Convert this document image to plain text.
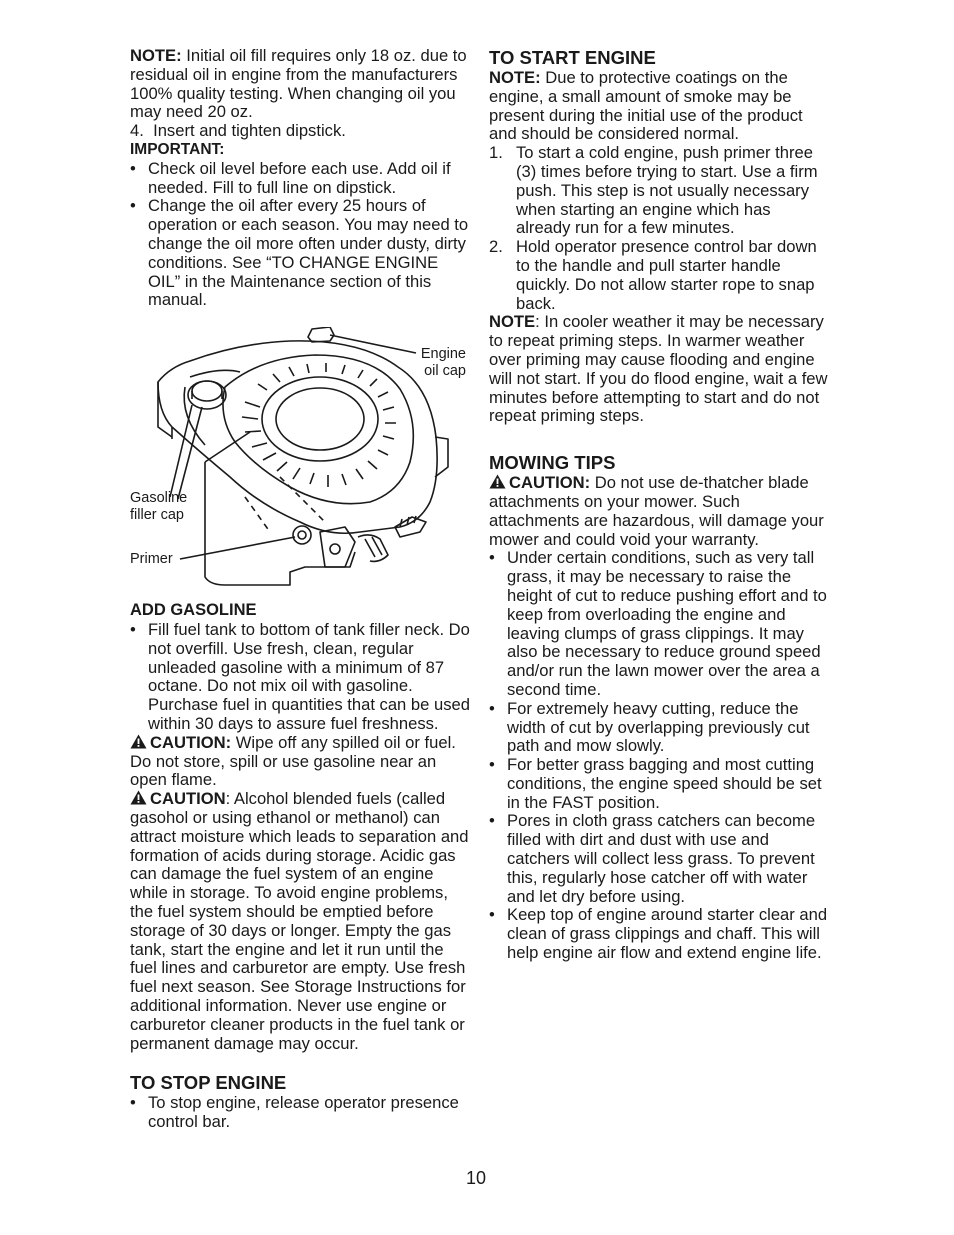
NOTE: Initial oil fill requires only 18 oz. due to residual oil in engine from the manufacturers 100% quality testing. When changing oil you may need 20 oz.

4. Insert and tighten dipstick.

IMPORTANT:

• Check oil level before each use. Add oil if needed. Fill to full line on dipstick.
• Change the oil after every 25 hours of operation or each season. You may need to change the oil more often under dusty, dirty conditions. See “TO CHANGE ENGINE OIL” in the Maintenance section of this manual.
Engine oil cap
Gasoline filler cap
Primer
ADD GASOLINE
• Fill fuel tank to bottom of tank filler neck. Do not overfill. Use fresh, clean, regular unleaded gasoline with a minimum of 87 octane. Do not mix oil with gasoline. Purchase fuel in quantities that can be used within 30 days to assure fuel freshness.

CAUTION: Wipe off any spilled oil or fuel. Do not store, spill or use gasoline near an open flame.

CAUTION: Alcohol blended fuels (called gasohol or using ethanol or methanol) can attract moisture which leads to separation and formation of acids during storage. Acidic gas can damage the fuel system of an engine while in storage. To avoid engine problems, the fuel system should be emptied before storage of 30 days or longer. Empty the gas tank, start the engine and let it run until the fuel lines and carburetor are empty. Use fresh fuel next season. See Storage Instructions for additional information. Never use engine or carburetor cleaner products in the fuel tank or permanent damage may occur.

TO STOP ENGINE
• To stop engine, release operator presence control bar.
TO START ENGINE

NOTE: Due to protective coatings on the engine, a small amount of smoke may be present during the initial use of the product and should be considered normal.

1. To start a cold engine, push primer three (3) times before trying to start. Use a firm push. This step is not usually necessary when starting an engine which has already run for a few minutes.
2. Hold operator presence control bar down to the handle and pull starter handle quickly. Do not allow starter rope to snap back.

NOTE: In cooler weather it may be necessary to repeat priming steps. In warmer weather over priming may cause flooding and engine will not start. If you do flood engine, wait a few minutes before attempting to start and do not repeat priming steps.

MOWING TIPS

CAUTION: Do not use de-thatcher blade attachments on your mower. Such attachments are hazardous, will damage your mower and could void your warranty.

• Under certain conditions, such as very tall grass, it may be necessary to raise the height of cut to reduce pushing effort and to keep from overloading the engine and leaving clumps of grass clippings. It may also be necessary to reduce ground speed and/or run the lawn mower over the area a second time.
• For extremely heavy cutting, reduce the width of cut by overlapping previously cut path and mow slowly.
• For better grass bagging and most cutting conditions, the engine speed should be set in the FAST position.
• Pores in cloth grass catchers can become filled with dirt and dust with use and catchers will collect less grass. To prevent this, regularly hose catcher off with water and let dry before using.
• Keep top of engine around starter clear and clean of grass clippings and chaff. This will help engine air flow and extend engine life.
10
